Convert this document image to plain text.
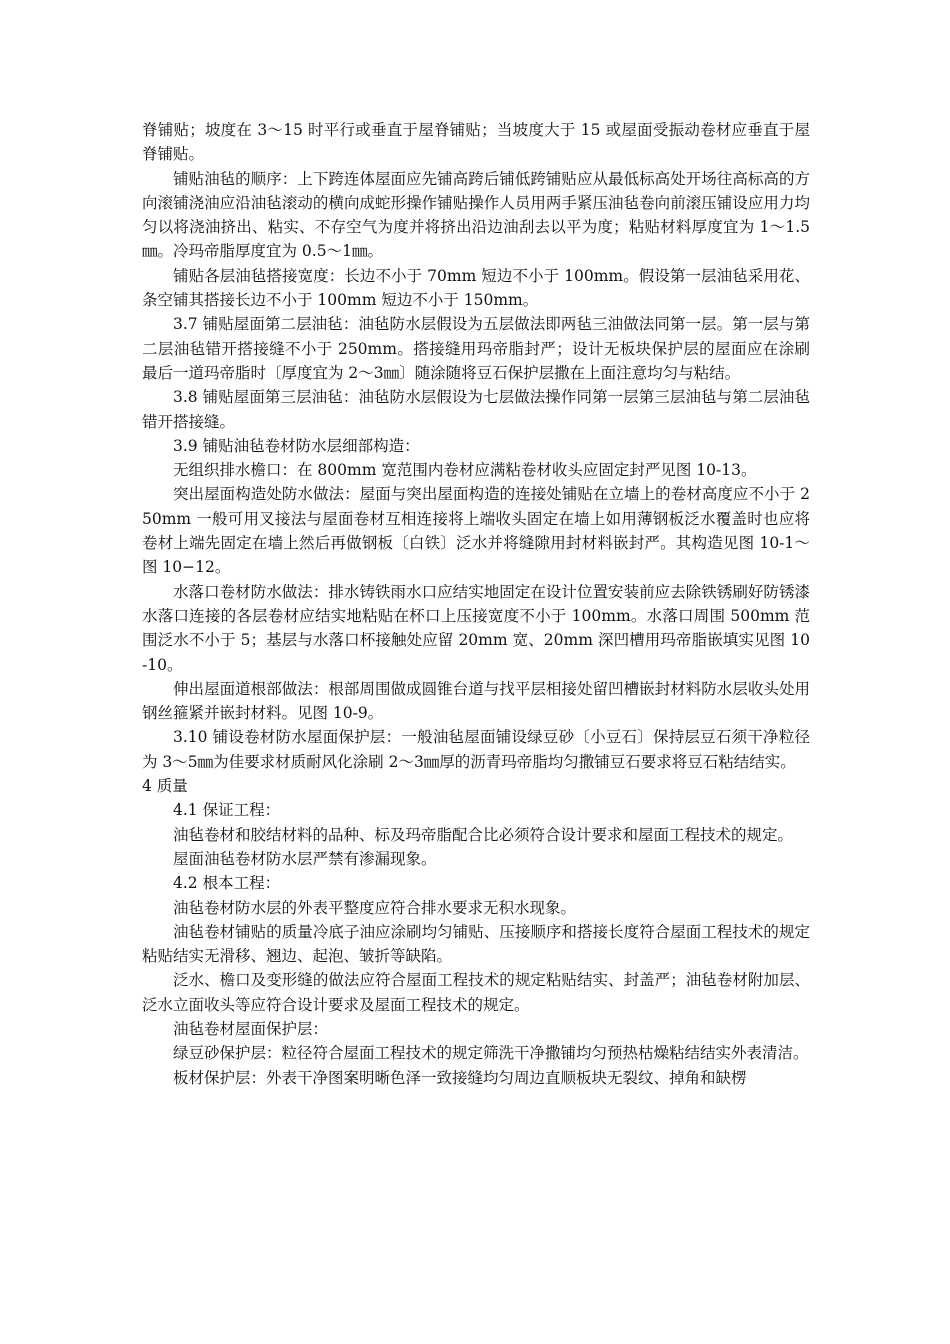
脊铺贴；坡度在 3～15 时平行或垂直于屋脊铺贴；当坡度大于 15 或屋面受振动卷材应垂直于屋脊铺贴。

铺贴油毡的顺序：上下跨连体屋面应先铺高跨后铺低跨铺贴应从最低标高处开场往高标高的方向滚铺浇油应沿油毡滚动的横向成蛇形操作铺贴操作人员用两手紧压油毡卷向前滚压铺设应用力均匀以将浇油挤出、粘实、不存空气为度并将挤出沿边油刮去以平为度；粘贴材料厚度宜为 1～1.5㎜。冷玛帝脂厚度宜为 0.5～1㎜。

铺贴各层油毡搭接宽度：长边不小于 70mm 短边不小于 100mm。假设第一层油毡采用花、条空铺其搭接长边不小于 100mm 短边不小于 150mm。

3.7 铺贴屋面第二层油毡：油毡防水层假设为五层做法即两毡三油做法同第一层。第一层与第二层油毡错开搭接缝不小于 250mm。搭接缝用玛帝脂封严；设计无板块保护层的屋面应在涂刷最后一道玛帝脂时〔厚度宜为 2～3㎜〕随涂随将豆石保护层撒在上面注意均匀与粘结。

3.8 铺贴屋面第三层油毡：油毡防水层假设为七层做法操作同第一层第三层油毡与第二层油毡错开搭接缝。

3.9 铺贴油毡卷材防水层细部构造：

无组织排水檐口：在 800mm 宽范围内卷材应满粘卷材收头应固定封严见图 10-13。

突出屋面构造处防水做法：屋面与突出屋面构造的连接处铺贴在立墙上的卷材高度应不小于 250mm 一般可用叉接法与屋面卷材互相连接将上端收头固定在墙上如用薄钢板泛水覆盖时也应将卷材上端先固定在墙上然后再做钢板〔白铁〕泛水并将缝隙用封材料嵌封严。其构造见图 10-1～图 10−12。

水落口卷材防水做法：排水铸铁雨水口应结实地固定在设计位置安装前应去除铁锈刷好防锈漆水落口连接的各层卷材应结实地粘贴在杯口上压接宽度不小于 100mm。水落口周围 500mm 范围泛水不小于 5；基层与水落口杯接触处应留 20mm 宽、20mm 深凹槽用玛帝脂嵌填实见图 10-10。

伸出屋面道根部做法：根部周围做成圆锥台道与找平层相接处留凹槽嵌封材料防水层收头处用钢丝箍紧并嵌封材料。见图 10-9。

3.10 铺设卷材防水屋面保护层：一般油毡屋面铺设绿豆砂〔小豆石〕保持层豆石须干净粒径为 3～5㎜为佳要求材质耐风化涂刷 2～3㎜厚的沥青玛帝脂均匀撒铺豆石要求将豆石粘结结实。

4 质量

4.1 保证工程：

油毡卷材和胶结材料的品种、标及玛帝脂配合比必须符合设计要求和屋面工程技术的规定。

屋面油毡卷材防水层严禁有渗漏现象。

4.2 根本工程：

油毡卷材防水层的外表平整度应符合排水要求无积水现象。

油毡卷材铺贴的质量冷底子油应涂刷均匀铺贴、压接顺序和搭接长度符合屋面工程技术的规定粘贴结实无滑移、翘边、起泡、皱折等缺陷。

泛水、檐口及变形缝的做法应符合屋面工程技术的规定粘贴结实、封盖严；油毡卷材附加层、泛水立面收头等应符合设计要求及屋面工程技术的规定。

油毡卷材屋面保护层：

绿豆砂保护层：粒径符合屋面工程技术的规定筛洗干净撒铺均匀预热枯燥粘结结实外表清洁。

板材保护层：外表干净图案明晰色泽一致接缝均匀周边直顺板块无裂纹、掉角和缺楞
